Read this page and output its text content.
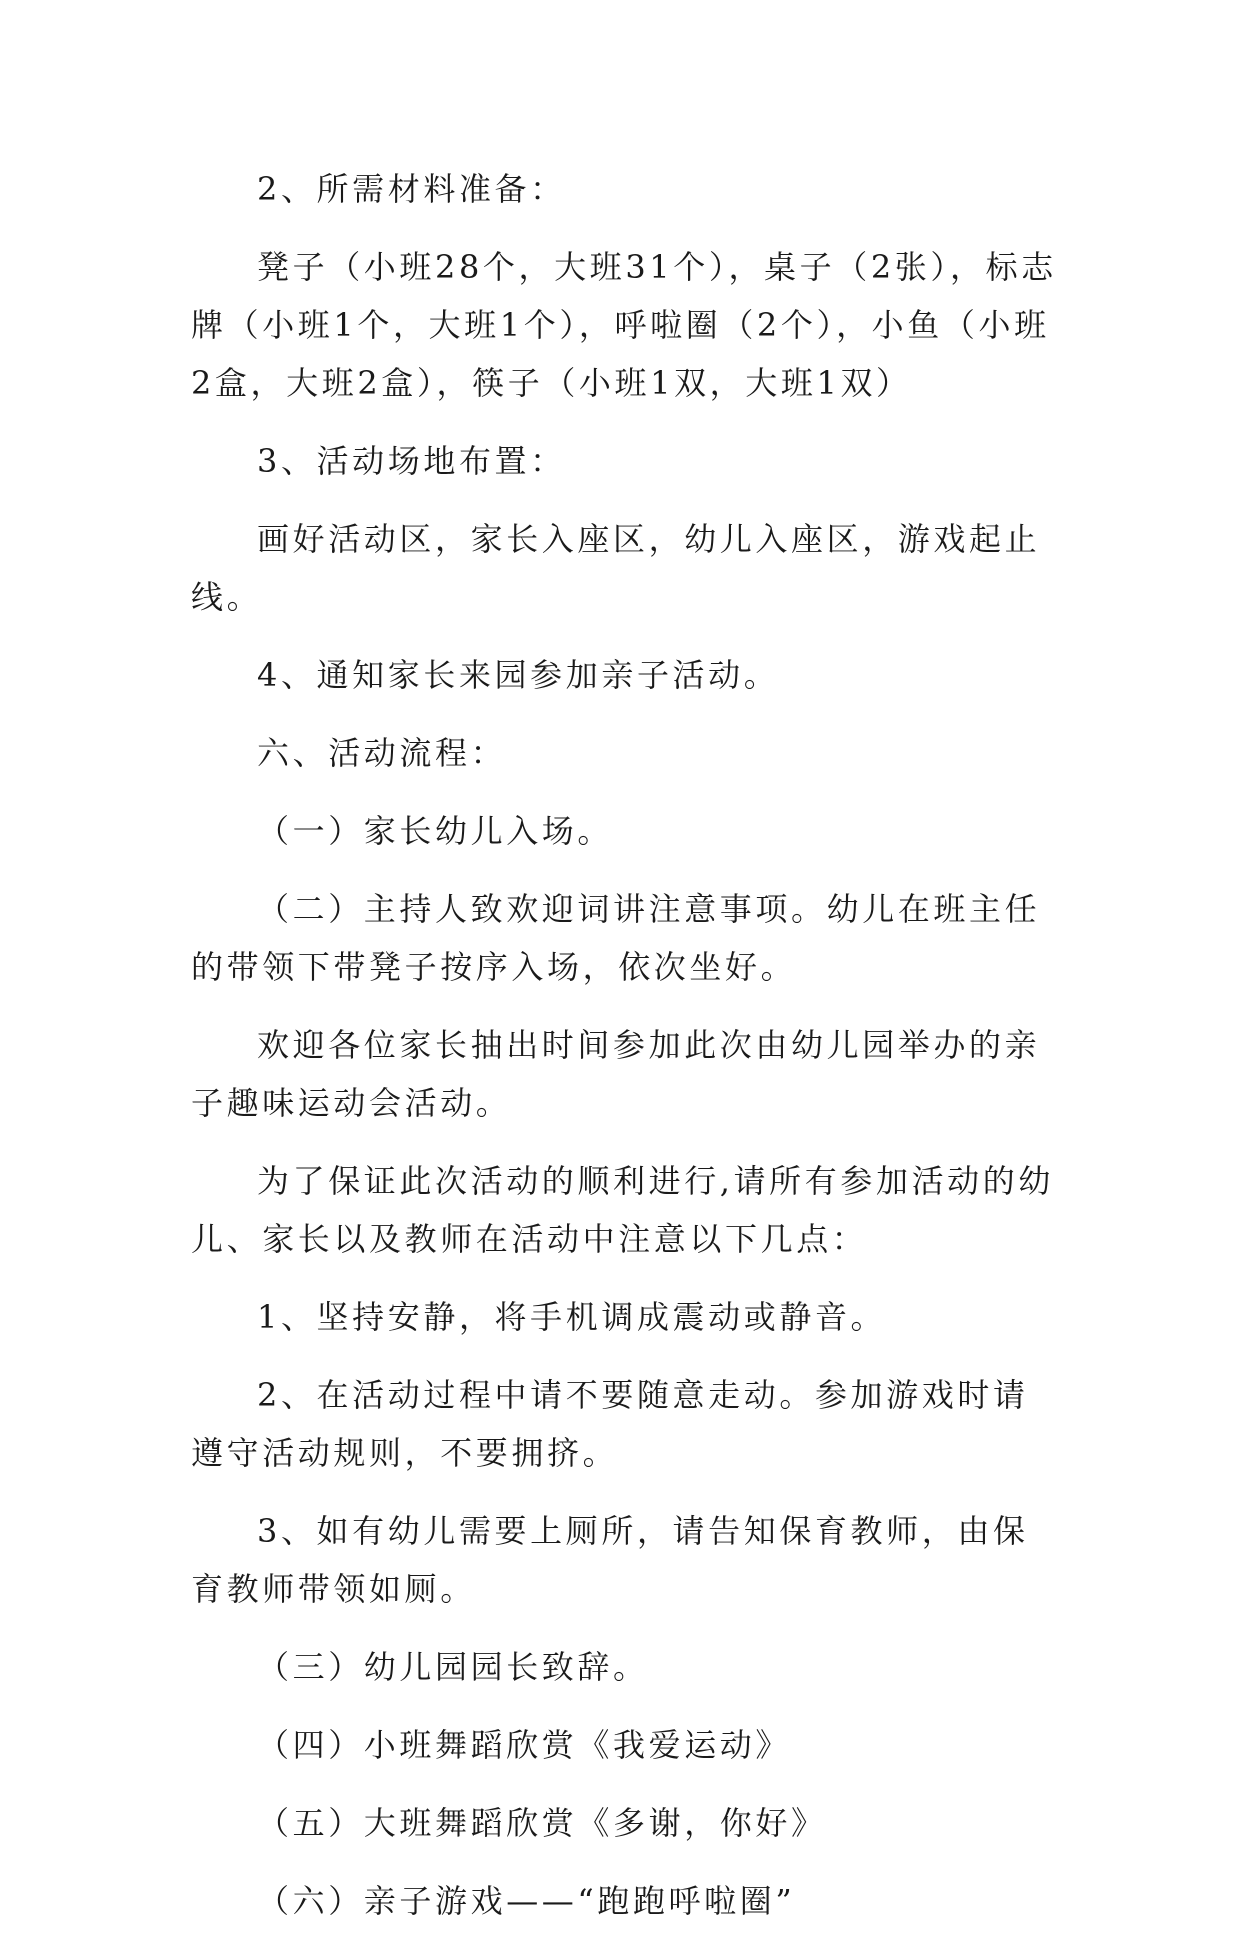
2、所需材料准备：

凳子（小班28个，大班31个），桌子（2张），标志牌（小班1个，大班1个），呼啦圈（2个），小鱼（小班2盒，大班2盒），筷子（小班1双，大班1双）

3、活动场地布置：

画好活动区，家长入座区，幼儿入座区，游戏起止线。

4、通知家长来园参加亲子活动。

六、活动流程：

（一）家长幼儿入场。

（二）主持人致欢迎词讲注意事项。幼儿在班主任的带领下带凳子按序入场，依次坐好。

欢迎各位家长抽出时间参加此次由幼儿园举办的亲子趣味运动会活动。

为了保证此次活动的顺利进行,请所有参加活动的幼儿、家长以及教师在活动中注意以下几点：

1、坚持安静，将手机调成震动或静音。

2、在活动过程中请不要随意走动。参加游戏时请遵守活动规则，不要拥挤。

3、如有幼儿需要上厕所，请告知保育教师，由保育教师带领如厕。

（三）幼儿园园长致辞。

（四）小班舞蹈欣赏《我爱运动》

（五）大班舞蹈欣赏《多谢，你好》

（六）亲子游戏——“跑跑呼啦圈”
